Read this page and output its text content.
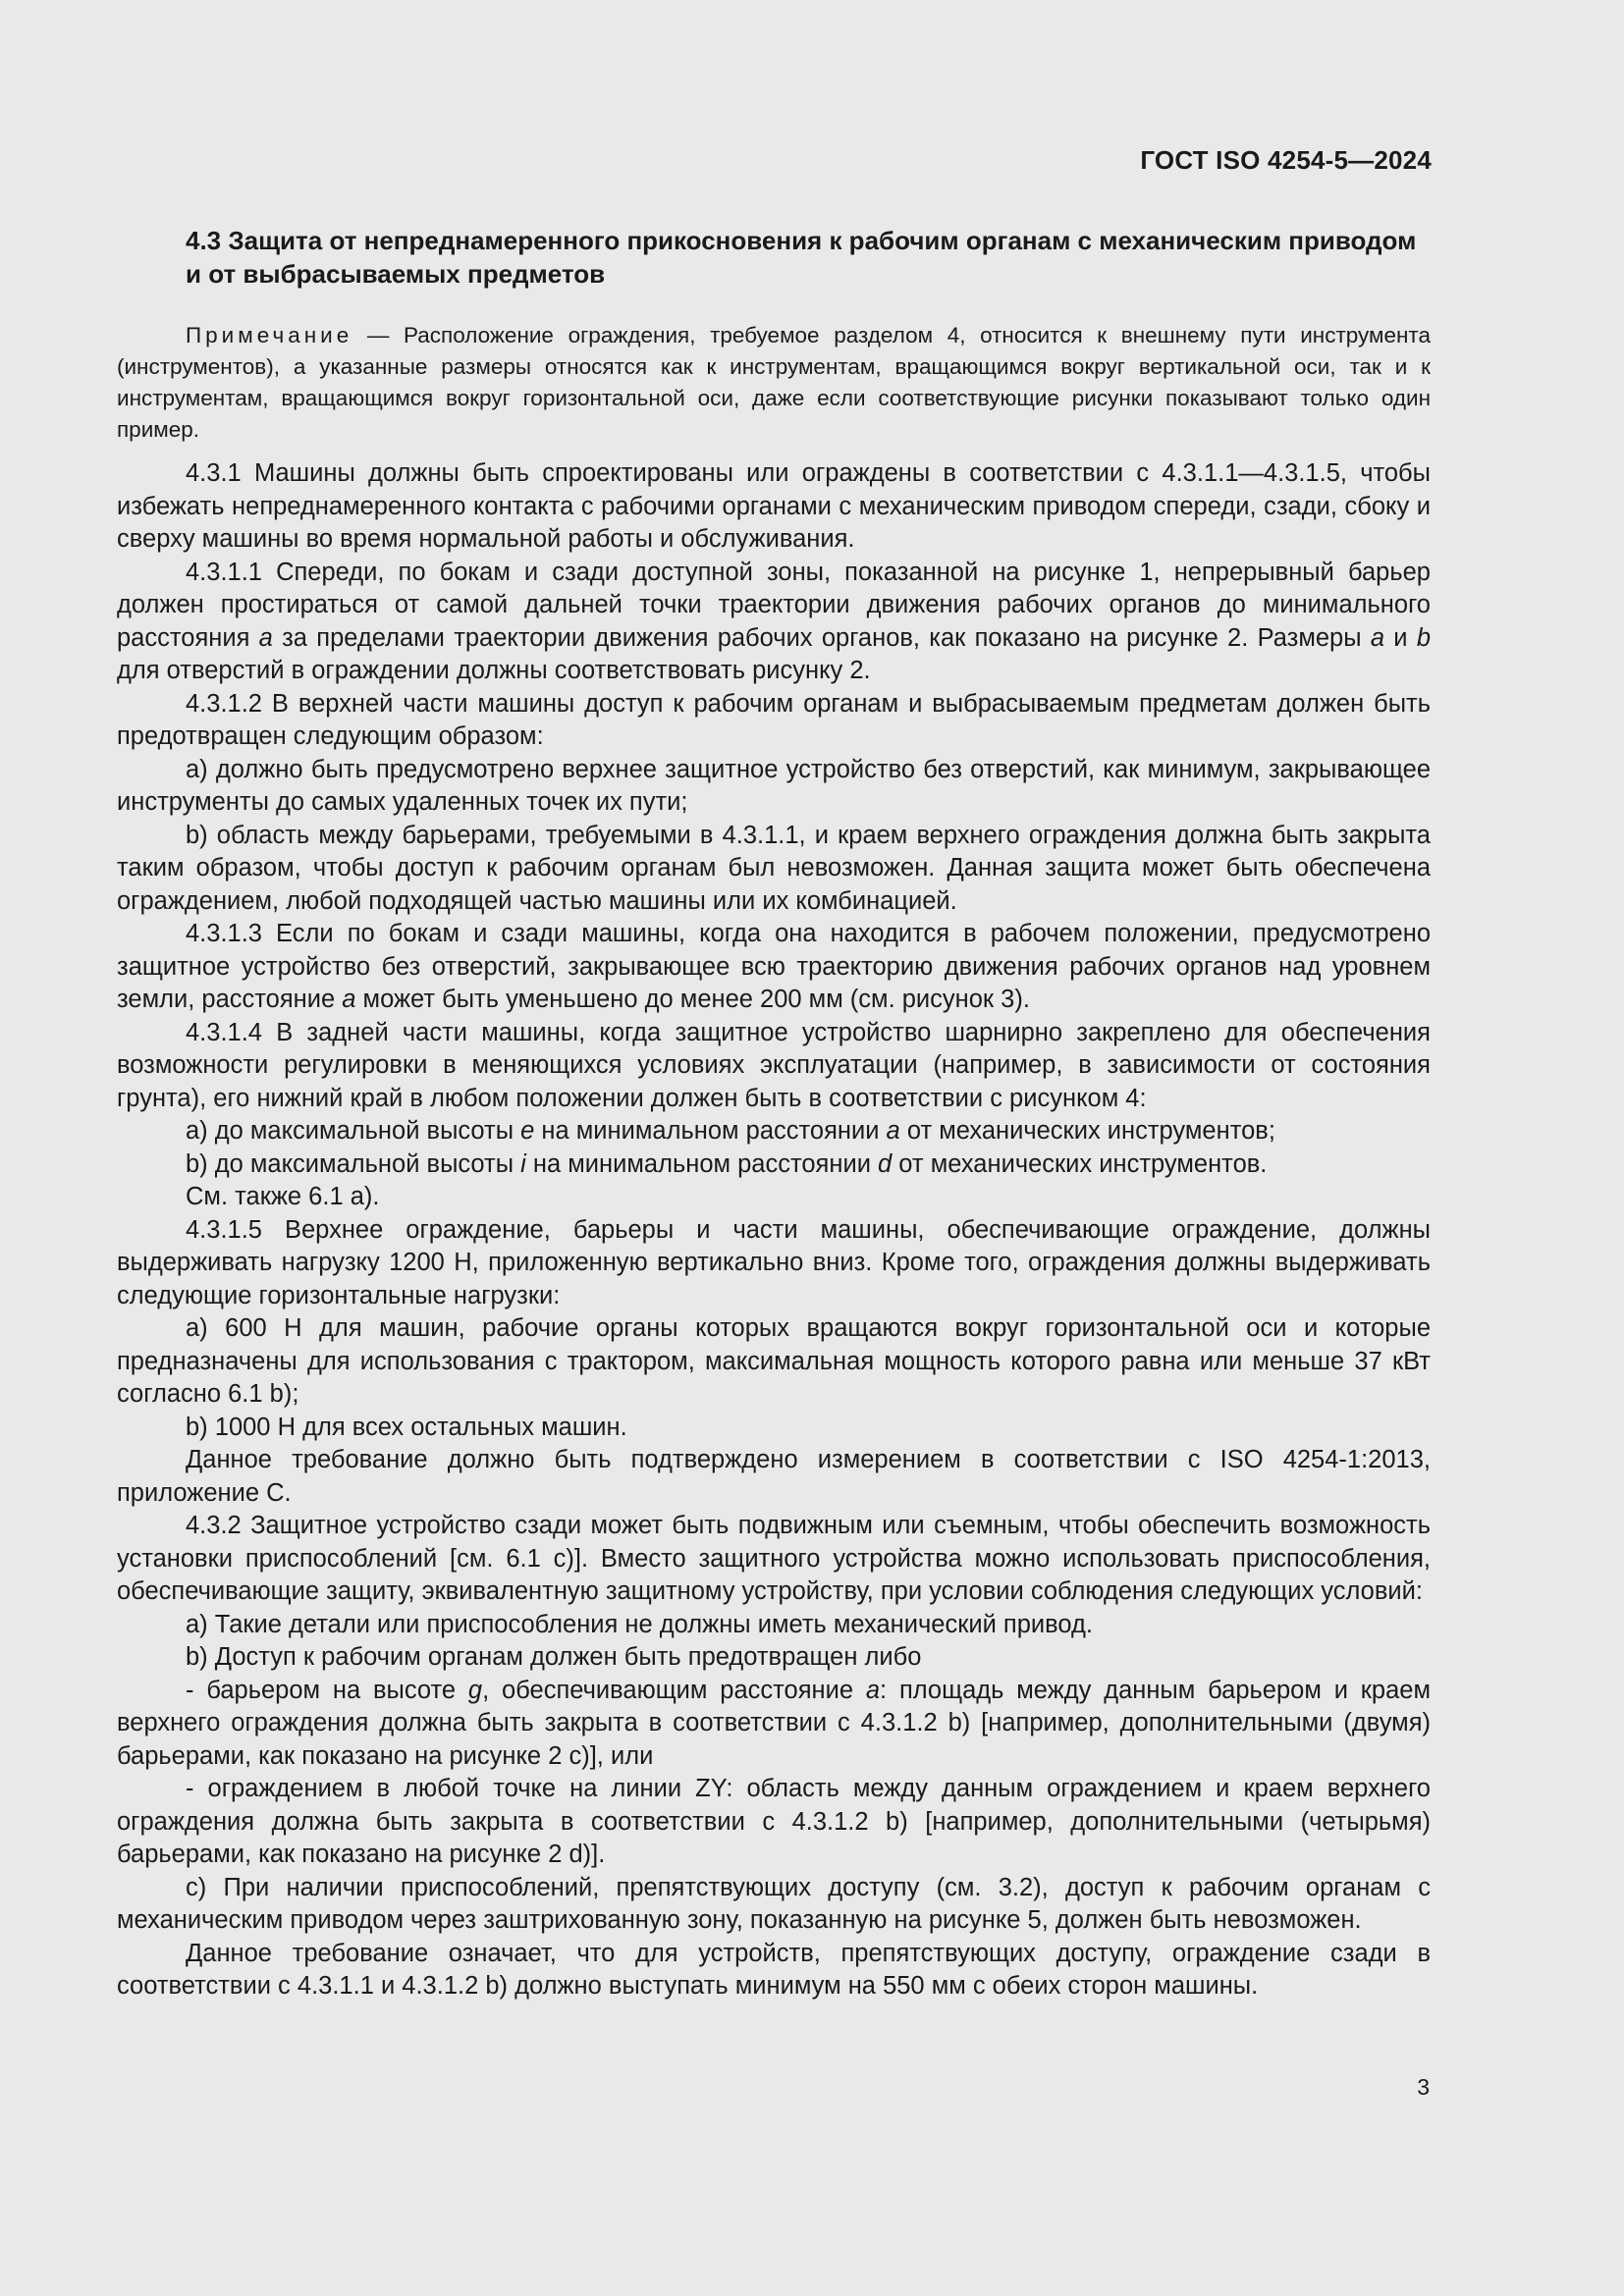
ГОСТ ISO 4254-5—2024
4.3 Защита от непреднамеренного прикосновения к рабочим органам с механическим приводом и от выбрасываемых предметов
Примечание — Расположение ограждения, требуемое разделом 4, относится к внешнему пути инструмента (инструментов), а указанные размеры относятся как к инструментам, вращающимся вокруг вертикальной оси, так и к инструментам, вращающимся вокруг горизонтальной оси, даже если соответствующие рисунки показывают только один пример.

4.3.1 Машины должны быть спроектированы или ограждены в соответствии с 4.3.1.1—4.3.1.5, чтобы избежать непреднамеренного контакта с рабочими органами с механическим приводом спереди, сзади, сбоку и сверху машины во время нормальной работы и обслуживания.

4.3.1.1 Спереди, по бокам и сзади доступной зоны, показанной на рисунке 1, непрерывный барьер должен простираться от самой дальней точки траектории движения рабочих органов до минимального расстояния a за пределами траектории движения рабочих органов, как показано на рисунке 2. Размеры a и b для отверстий в ограждении должны соответствовать рисунку 2.

4.3.1.2 В верхней части машины доступ к рабочим органам и выбрасываемым предметам должен быть предотвращен следующим образом:

a) должно быть предусмотрено верхнее защитное устройство без отверстий, как минимум, закрывающее инструменты до самых удаленных точек их пути;

b) область между барьерами, требуемыми в 4.3.1.1, и краем верхнего ограждения должна быть закрыта таким образом, чтобы доступ к рабочим органам был невозможен. Данная защита может быть обеспечена ограждением, любой подходящей частью машины или их комбинацией.

4.3.1.3 Если по бокам и сзади машины, когда она находится в рабочем положении, предусмотрено защитное устройство без отверстий, закрывающее всю траекторию движения рабочих органов над уровнем земли, расстояние a может быть уменьшено до менее 200 мм (см. рисунок 3).

4.3.1.4 В задней части машины, когда защитное устройство шарнирно закреплено для обеспечения возможности регулировки в меняющихся условиях эксплуатации (например, в зависимости от состояния грунта), его нижний край в любом положении должен быть в соответствии с рисунком 4:

a) до максимальной высоты e на минимальном расстоянии a от механических инструментов;

b) до максимальной высоты i на минимальном расстоянии d от механических инструментов.

См. также 6.1 а).

4.3.1.5 Верхнее ограждение, барьеры и части машины, обеспечивающие ограждение, должны выдерживать нагрузку 1200 Н, приложенную вертикально вниз. Кроме того, ограждения должны выдерживать следующие горизонтальные нагрузки:

a) 600 Н для машин, рабочие органы которых вращаются вокруг горизонтальной оси и которые предназначены для использования с трактором, максимальная мощность которого равна или меньше 37 кВт согласно 6.1 b);

b) 1000 Н для всех остальных машин.

Данное требование должно быть подтверждено измерением в соответствии с ISO 4254-1:2013, приложение С.

4.3.2 Защитное устройство сзади может быть подвижным или съемным, чтобы обеспечить возможность установки приспособлений [см. 6.1 с)]. Вместо защитного устройства можно использовать приспособления, обеспечивающие защиту, эквивалентную защитному устройству, при условии соблюдения следующих условий:

a) Такие детали или приспособления не должны иметь механический привод.

b) Доступ к рабочим органам должен быть предотвращен либо

- барьером на высоте g, обеспечивающим расстояние a: площадь между данным барьером и краем верхнего ограждения должна быть закрыта в соответствии с 4.3.1.2 b) [например, дополнительными (двумя) барьерами, как показано на рисунке 2 с)], или

- ограждением в любой точке на линии ZY: область между данным ограждением и краем верхнего ограждения должна быть закрыта в соответствии с 4.3.1.2 b) [например, дополнительными (четырьмя) барьерами, как показано на рисунке 2 d)].

c) При наличии приспособлений, препятствующих доступу (см. 3.2), доступ к рабочим органам с механическим приводом через заштрихованную зону, показанную на рисунке 5, должен быть невозможен.

Данное требование означает, что для устройств, препятствующих доступу, ограждение сзади в соответствии с 4.3.1.1 и 4.3.1.2 b) должно выступать минимум на 550 мм с обеих сторон машины.

3
